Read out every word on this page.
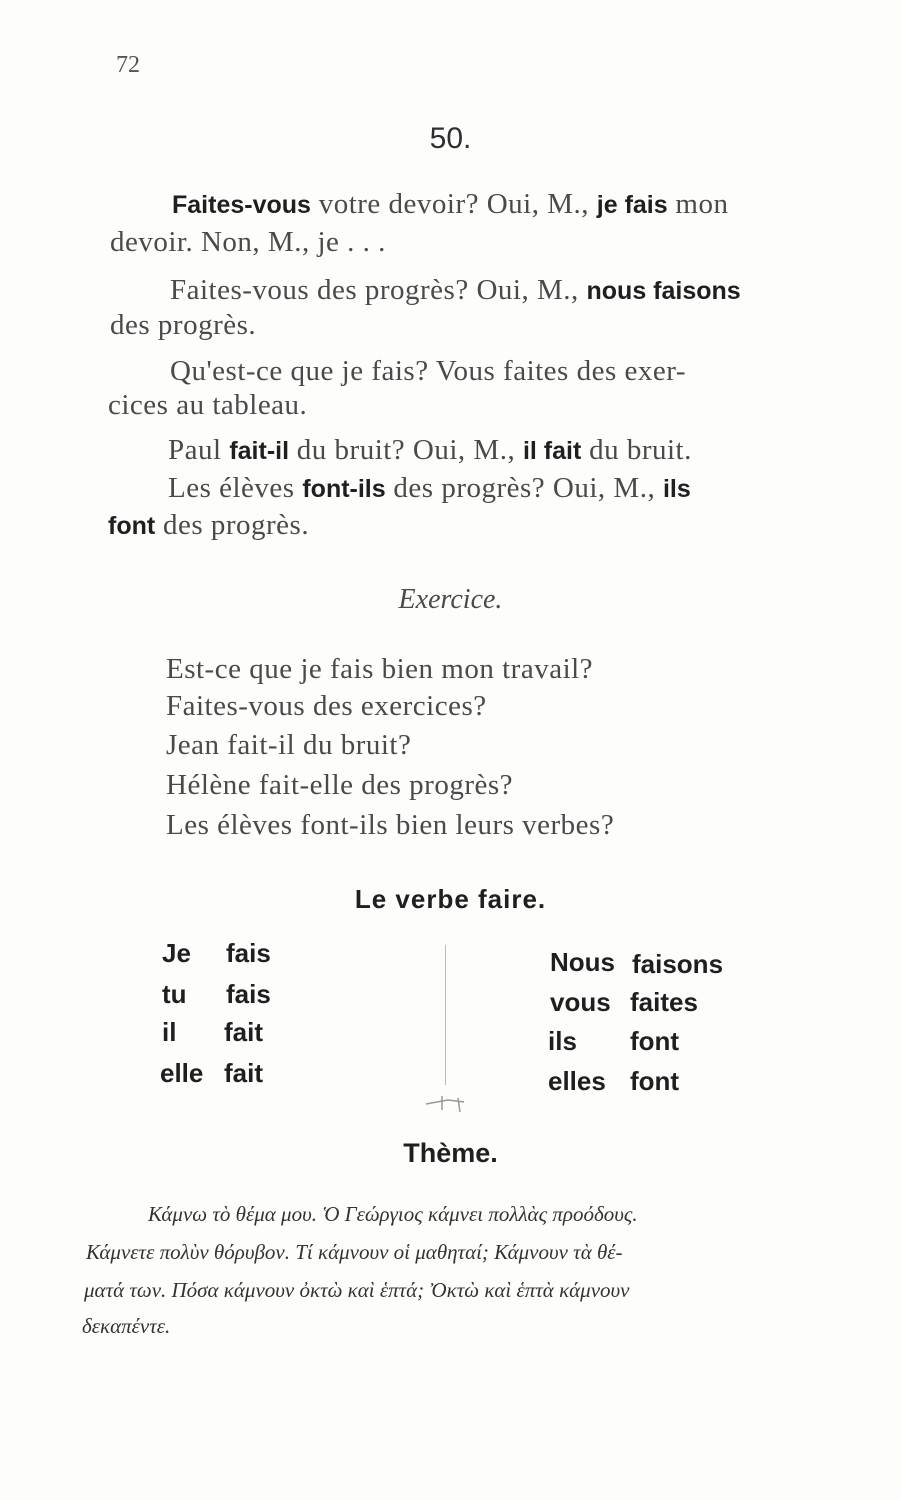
72
50.
Faites-vous votre devoir? Oui, M., je fais mon
devoir. Non, M., je . . .
Faites-vous des progrès? Oui, M., nous faisons
des progrès.
Qu'est-ce que je fais? Vous faites des exer-
cices au tableau.
Paul fait-il du bruit? Oui, M., il fait du bruit.
Les élèves font-ils des progrès? Oui, M., ils
font des progrès.
Exercice.
Est-ce que je fais bien mon travail?
Faites-vous des exercices?
Jean fait-il du bruit?
Hélène fait-elle des progrès?
Les élèves font-ils bien leurs verbes?
Le verbe faire.
Je fais
tu fais
il fait
elle fait
Nous faisons
vous faites
ils font
elles font
Thème.
Κάμνω τὸ θέμα μου. Ὁ Γεώργιος κάμνει πολλὰς προόδους.
Κάμνετε πολὺν θόρυβον. Τί κάμνουν οἱ μαθηταί; Κάμνουν τὰ θέ-
ματά των. Πόσα κάμνουν ὀκτὼ καὶ ἑπτά; Ὀκτὼ καὶ ἑπτὰ κάμνουν
δεκαπέντε.
